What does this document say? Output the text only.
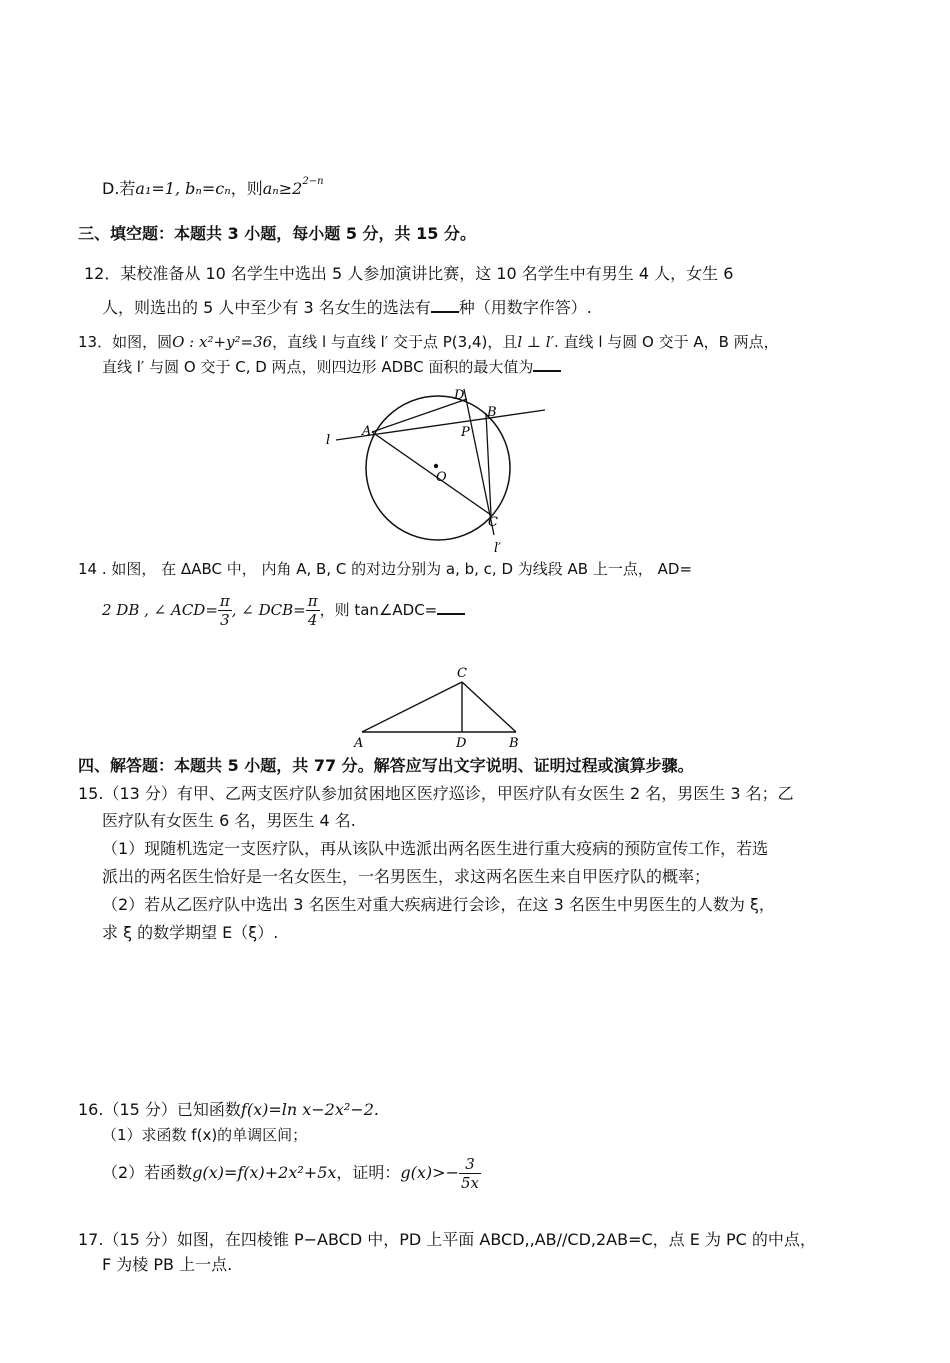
D.若a₁=1, bₙ=cₙ，则$a_n\ge 2^{2-n}$
三、填空题：本题共 3 小题，每小题 5 分，共 15 分。
12．某校准备从 10 名学生中选出 5 人参加演讲比赛，这 10 名学生中有男生 4 人，女生 6
人，则选出的 5 人中至少有 3 名女生的选法有 种（用数字作答）.
13．如图，圆O : x²+y²=36，直线 l 与直线 l′ 交于点 P(3,4)，且l ⊥ l′. 直线 l 与圆 O 交于 A，B 两点，
直线 l′ 与圆 O 交于 C, D 两点，则四边形 ADBC 面积的最大值为
A
B
C
D
P
O
l
l′
14 . 如图， 在 ΔABC 中， 内角 A, B, C 的对边分别为 a, b, c, D 为线段 AB 上一点， AD=
2 DB , ∠ $ACD= \frac{\pi}{3}$ , ∠ $DCB= \frac{\pi}{4}$ ，则 tan∠ADC=
C
A	D	B
四、解答题：本题共 5 小题，共 77 分。解答应写出文字说明、证明过程或演算步骤。
15.（13 分）有甲、乙两支医疗队参加贫困地区医疗巡诊，甲医疗队有女医生 2 名，男医生 3 名；乙
医疗队有女医生 6 名，男医生 4 名.
（1）现随机选定一支医疗队，再从该队中选派出两名医生进行重大疫病的预防宣传工作，若选
派出的两名医生恰好是一名女医生，一名男医生，求这两名医生来自甲医疗队的概率；
（2）若从乙医疗队中选出 3 名医生对重大疾病进行会诊，在这 3 名医生中男医生的人数为 ξ，
求 ξ 的数学期望 E（ξ）.
16.（15 分）已知函数f(x)=ln x−2x²−2.
（1）求函数 f(x)的单调区间；
（2）若函数g(x)=f(x)+2x²+5x，证明：$g(x)>- \frac{3}{5x}$
17.（15 分）如图，在四棱锥 P−ABCD 中，PD 上平面 ABCD,,AB//CD,2AB=C，点 E 为 PC 的中点，
F 为棱 PB 上一点.
